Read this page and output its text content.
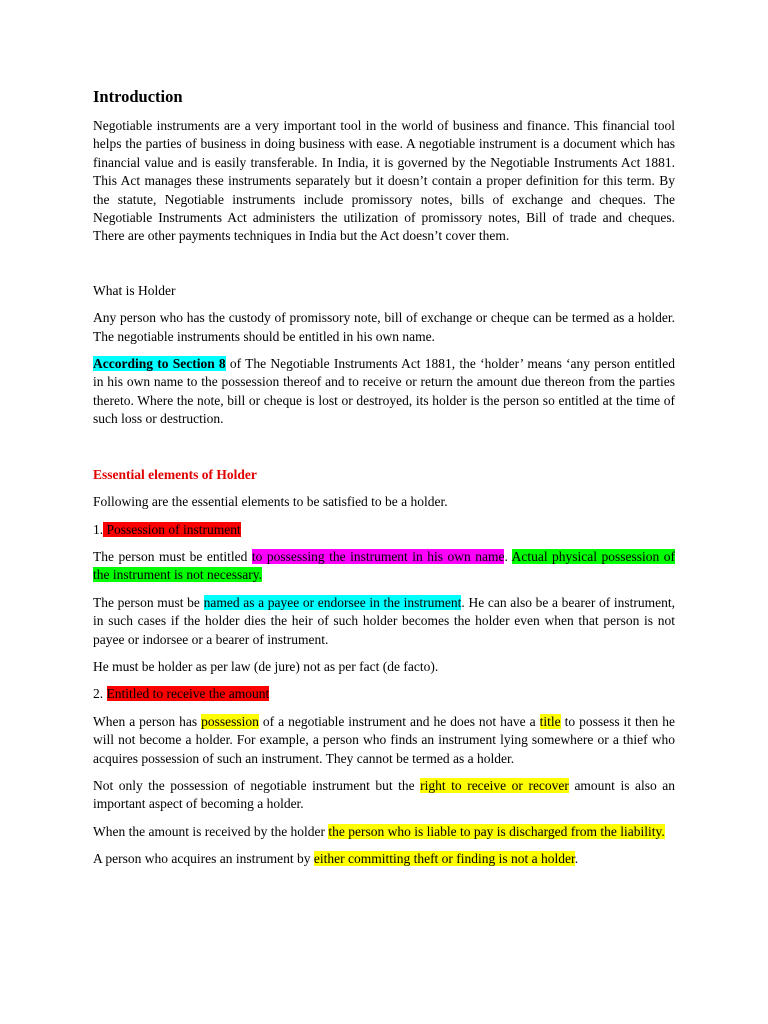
Introduction

Negotiable instruments are a very important tool in the world of business and finance. This financial tool helps the parties of business in doing business with ease. A negotiable instrument is a document which has financial value and is easily transferable. In India, it is governed by the Negotiable Instruments Act 1881. This Act manages these instruments separately but it doesn’t contain a proper definition for this term. By the statute, Negotiable instruments include promissory notes, bills of exchange and cheques. The Negotiable Instruments Act administers the utilization of promissory notes, Bill of trade and cheques. There are other payments techniques in India but the Act doesn’t cover them.

What is Holder

Any person who has the custody of promissory note, bill of exchange or cheque can be termed as a holder. The negotiable instruments should be entitled in his own name.

According to Section 8 of The Negotiable Instruments Act 1881, the ‘holder’ means ‘any person entitled in his own name to the possession thereof and to receive or return the amount due thereon from the parties thereto. Where the note, bill or cheque is lost or destroyed, its holder is the person so entitled at the time of such loss or destruction.

Essential elements of Holder

Following are the essential elements to be satisfied to be a holder.

1. Possession of instrument

The person must be entitled to possessing the instrument in his own name. Actual physical possession of the instrument is not necessary.

The person must be named as a payee or endorsee in the instrument. He can also be a bearer of instrument, in such cases if the holder dies the heir of such holder becomes the holder even when that person is not payee or indorsee or a bearer of instrument.

He must be holder as per law (de jure) not as per fact (de facto).

2. Entitled to receive the amount

When a person has possession of a negotiable instrument and he does not have a title to possess it then he will not become a holder. For example, a person who finds an instrument lying somewhere or a thief who acquires possession of such an instrument. They cannot be termed as a holder.

Not only the possession of negotiable instrument but the right to receive or recover amount is also an important aspect of becoming a holder.

When the amount is received by the holder the person who is liable to pay is discharged from the liability.

A person who acquires an instrument by either committing theft or finding is not a holder.
